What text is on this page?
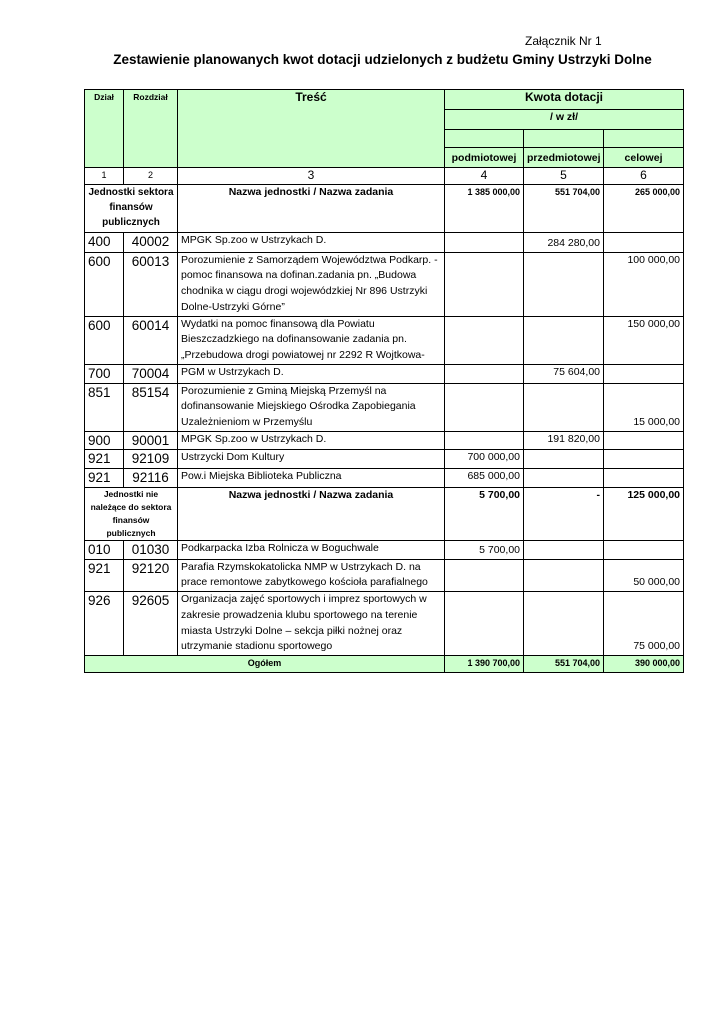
Załącznik Nr 1
Zestawienie planowanych kwot dotacji udzielonych z budżetu Gminy Ustrzyki Dolne
Dział	Rozdział	Treść	Kwota dotacji		
			/ w zł/		

			podmiotowej	przedmiotowej	celowej
1	2	3	4	5	6
Jednostki sektora finansów publicznych		Nazwa jednostki / Nazwa zadania	1 385 000,00	551 704,00	265 000,00
400	40002	MPGK Sp.zoo w Ustrzykach D.		284 280,00	
600	60013	Porozumienie z Samorządem Województwa Podkarp. - pomoc finansowa na dofinan.zadania pn. „Budowa chodnika w ciągu drogi wojewódzkiej Nr 896 Ustrzyki Dolne-Ustrzyki Górne”			100 000,00
600	60014	Wydatki na pomoc finansową dla Powiatu Bieszczadzkiego na dofinansowanie zadania pn. „Przebudowa drogi powiatowej nr 2292 R Wojtkowa-			150 000,00
700	70004	PGM w Ustrzykach D.		75 604,00	
851	85154	Porozumienie z Gminą Miejską Przemyśl na dofinansowanie Miejskiego Ośrodka Zapobiegania Uzależnieniom w Przemyślu			15 000,00
900	90001	MPGK Sp.zoo w Ustrzykach D.		191 820,00	
921	92109	Ustrzycki Dom Kultury	700 000,00		
921	92116	Pow.i Miejska Biblioteka Publiczna	685 000,00		
Jednostki nie należące do sektora finansów publicznych		Nazwa jednostki / Nazwa zadania	5 700,00	-	125 000,00
010	01030	Podkarpacka Izba Rolnicza w Boguchwale	5 700,00		
921	92120	Parafia Rzymskokatolicka NMP w Ustrzykach D. na prace remontowe zabytkowego kościoła parafialnego			50 000,00
926	92605	Organizacja zajęć sportowych i imprez sportowych w zakresie prowadzenia klubu sportowego na terenie miasta Ustrzyki Dolne – sekcja piłki nożnej oraz utrzymanie stadionu sportowego			75 000,00
Ogółem			1 390 700,00	551 704,00	390 000,00
